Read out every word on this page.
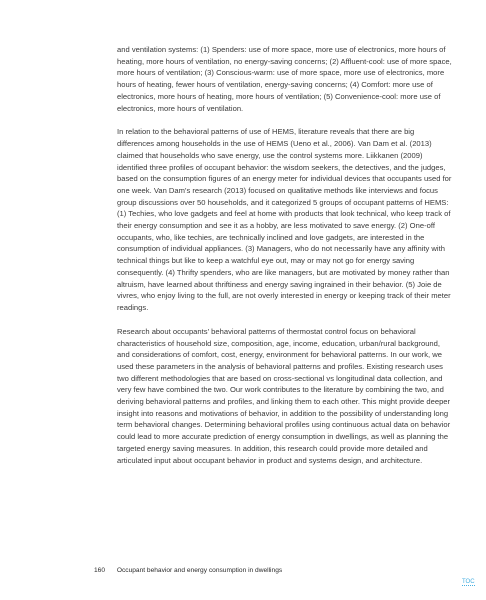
and ventilation systems: (1) Spenders: use of more space, more use of electronics, more hours of heating, more hours of ventilation, no energy-saving concerns; (2) Affluent-cool: use of more space, more hours of ventilation; (3) Conscious-warm: use of more space, more use of electronics, more hours of heating, fewer hours of ventilation, energy-saving concerns; (4) Comfort: more use of electronics, more hours of heating, more hours of ventilation; (5) Convenience-cool: more use of electronics, more hours of ventilation.

In relation to the behavioral patterns of use of HEMS, literature reveals that there are big differences among households in the use of HEMS (Ueno et al., 2006). Van Dam et al. (2013) claimed that households who save energy, use the control systems more. Liikkanen (2009) identified three profiles of occupant behavior: the wisdom seekers, the detectives, and the judges, based on the consumption figures of an energy meter for individual devices that occupants used for one week. Van Dam's research (2013) focused on qualitative methods like interviews and focus group discussions over 50 households, and it categorized 5 groups of occupant patterns of HEMS: (1) Techies, who love gadgets and feel at home with products that look technical, who keep track of their energy consumption and see it as a hobby, are less motivated to save energy. (2) One-off occupants, who, like techies, are technically inclined and love gadgets, are interested in the consumption of individual appliances. (3) Managers, who do not necessarily have any affinity with technical things but like to keep a watchful eye out, may or may not go for energy saving consequently. (4) Thrifty spenders, who are like managers, but are motivated by money rather than altruism, have learned about thriftiness and energy saving ingrained in their behavior. (5) Joie de vivres, who enjoy living to the full, are not overly interested in energy or keeping track of their meter readings.

Research about occupants' behavioral patterns of thermostat control focus on behavioral characteristics of household size, composition, age, income, education, urban/rural background, and considerations of comfort, cost, energy, environment for behavioral patterns. In our work, we used these parameters in the analysis of behavioral patterns and profiles. Existing research uses two different methodologies that are based on cross-sectional vs longitudinal data collection, and very few have combined the two. Our work contributes to the literature by combining the two, and deriving behavioral patterns and profiles, and linking them to each other. This might provide deeper insight into reasons and motivations of behavior, in addition to the possibility of understanding long term behavioral changes. Determining behavioral profiles using continuous actual data on behavior could lead to more accurate prediction of energy consumption in dwellings, as well as planning the targeted energy saving measures. In addition, this research could provide more detailed and articulated input about occupant behavior in product and systems design, and architecture.

160 Occupant behavior and energy consumption in dwellings
TOC
